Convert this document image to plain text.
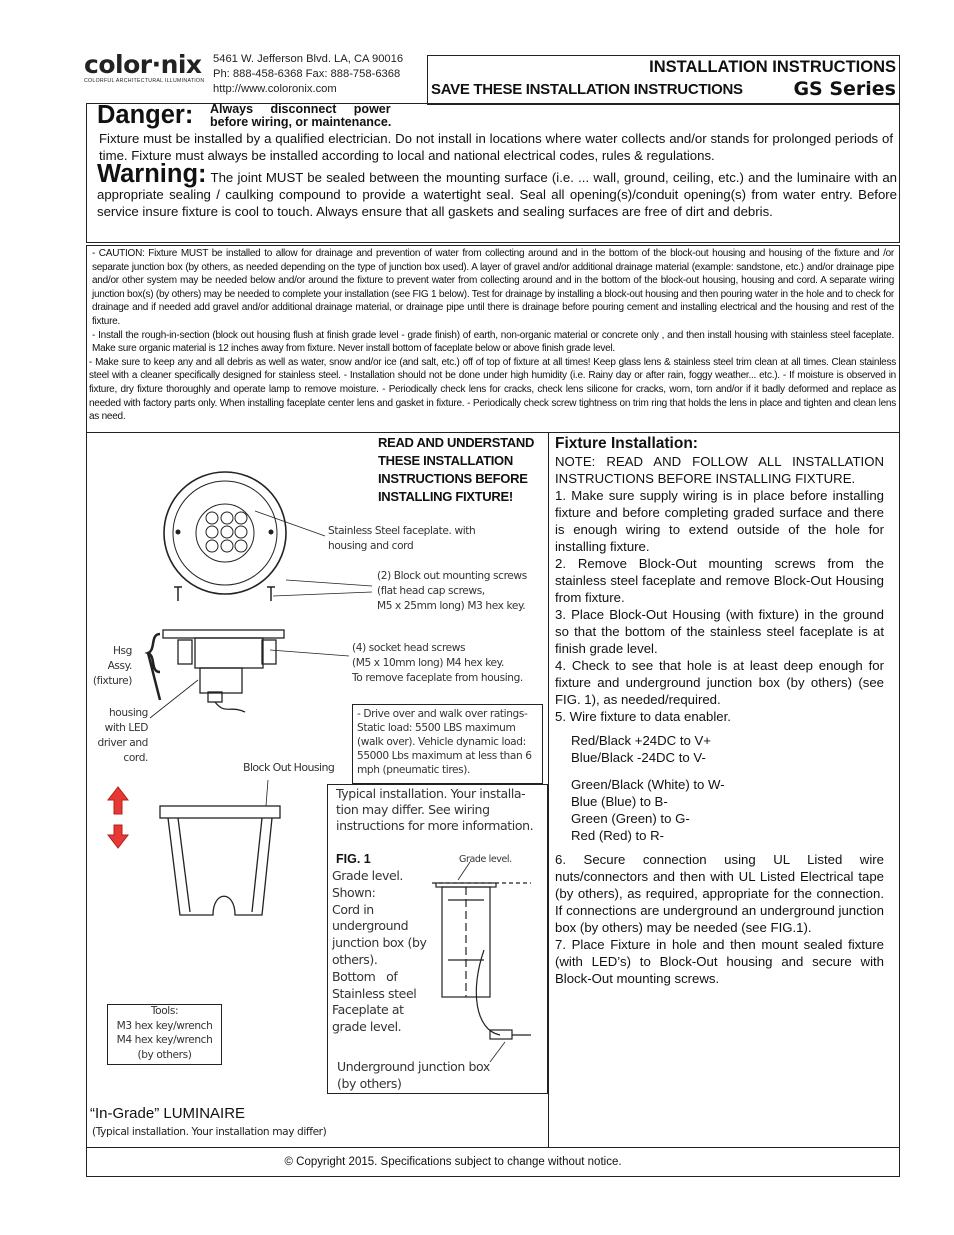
color·nix
COLORFUL ARCHITECTURAL ILLUMINATION
5461 W. Jefferson Blvd. LA, CA 90016
Ph: 888-458-6368 Fax: 888-758-6368
http://www.coloronix.com
INSTALLATION INSTRUCTIONS
SAVE THESE INSTALLATION INSTRUCTIONS	GS Series
Danger: Always     disconnect     power
before wiring, or maintenance.
Fixture must be installed by a qualified electrician. Do not install in locations where water collects and/or stands for prolonged periods of time. Fixture must always be installed according to local and national electrical codes, rules & regulations.

Warning: The joint MUST be sealed between the mounting surface (i.e. ... wall, ground, ceiling, etc.) and the luminaire with an appropriate sealing / caulking compound to provide a watertight seal. Seal all opening(s)/conduit opening(s) from water entry. Before service insure fixture is cool to touch. Always ensure that all gaskets and sealing surfaces are free of dirt and debris.

- CAUTION: Fixture MUST be installed to allow for drainage and prevention of water from collecting around and in the bottom of the block-out housing and housing of the fixture and /or separate junction box (by others, as needed depending on the type of junction box used). A layer of gravel and/or additional drainage material (example: sandstone, etc.) and/or drainage pipe and/or other system may be needed below and/or around the fixture to prevent water from collecting around and in the bottom of the block-out housing, housing and cord. A separate wiring junction box(s) (by others) may be needed to complete your installation (see FIG 1 below). Test for drainage by installing a block-out housing and then pouring water in the hole and to check for drainage and if needed add gravel and/or additional drainage material, or drainage pipe until there is drainage before pouring cement and installing electrical and the housing and rest of the fixture.
- Install the rough-in-section (block out housing flush at finish grade level - grade finish) of earth, non-organic material or concrete only , and then install housing with stainless steel faceplate. Make sure organic material is 12 inches away from fixture. Never install bottom of faceplate below or above finish grade level.
- Make sure to keep any and all debris as well as water, snow and/or ice (and salt, etc.) off of top of fixture at all times! Keep glass lens & stainless steel trim clean at all times. Clean stainless steel with a cleaner specifically designed for stainless steel. - Installation should not be done under high humidity (i.e. Rainy day or after rain, foggy weather... etc.). - If moisture is observed in fixture, dry fixture thoroughly and operate lamp to remove moisture. - Periodically check lens for cracks, check lens silicone for cracks, worn, torn and/or if it badly deformed and replace as needed with factory parts only. When installing faceplate center lens and gasket in fixture. - Periodically check screw tightness on trim ring that holds the lens in place and tighten and clean lens as need.
READ AND UNDERSTAND
THESE INSTALLATION
INSTRUCTIONS BEFORE
INSTALLING FIXTURE!
Stainless Steel faceplate. with
housing and cord
(2) Block out mounting screws
(flat head cap screws,
M5 x 25mm long) M3 hex key.
(4) socket head screws
(M5 x 10mm long) M4 hex key.
To remove faceplate from housing.
Hsg
Assy.
(fixture)
housing
with LED
driver and
cord.
- Drive over and walk over ratings-
Static load: 5500 LBS maximum
(walk over). Vehicle dynamic load:
55000 Lbs maximum at less than 6
mph (pneumatic tires).
Block Out Housing
Typical installation. Your installa-
tion may differ. See wiring
instructions for more information.
FIG. 1	Grade level.
Grade level.
Shown:
Cord in
underground
junction box (by
others).
Bottom   of
Stainless steel
Faceplate at
grade level.
Underground junction box
(by others)
Tools:
M3 hex key/wrench
M4 hex key/wrench
(by others)
“In-Grade” LUMINAIRE
(Typical installation. Your installation may differ)
Fixture Installation:

NOTE: READ AND FOLLOW ALL INSTALLATION INSTRUCTIONS BEFORE INSTALLING FIXTURE.

1. Make sure supply wiring is in place before installing fixture and before completing graded surface and there is enough wiring to extend outside of the hole for installing fixture.

2. Remove Block-Out mounting screws from the stainless steel faceplate and remove Block-Out Housing from fixture.

3. Place Block-Out Housing (with fixture) in the ground so that the bottom of the stainless steel faceplate is at finish grade level.

4. Check to see that hole is at least deep enough for fixture and underground junction box (by others) (see FIG. 1), as needed/required.

5. Wire fixture to data enabler.

Red/Black +24DC to V+
Blue/Black -24DC to V-
Green/Black (White) to W-
Blue (Blue) to B-
Green (Green) to G-
Red (Red) to R-

6. Secure connection using UL Listed wire nuts/connectors and then with UL Listed Electrical tape (by others), as required, appropriate for the connection. If connections are underground an underground junction box (by others) may be needed (see FIG.1).

7. Place Fixture in hole and then mount sealed fixture (with LED’s) to Block-Out housing and secure with Block-Out mounting screws.

© Copyright 2015. Specifications subject to change without notice.
